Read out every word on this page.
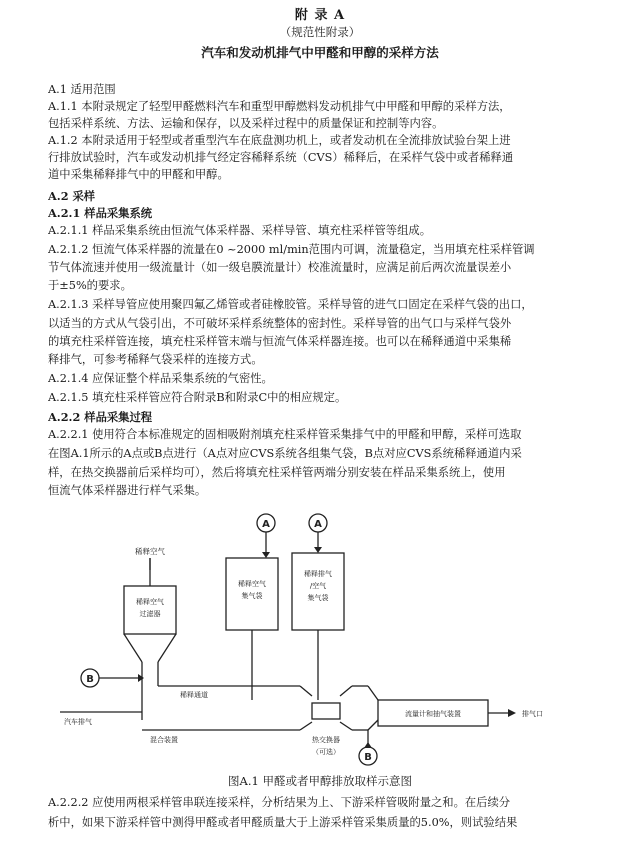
附 录 A
（规范性附录）
汽车和发动机排气中甲醛和甲醇的采样方法
A.1 适用范围
A.1.1 本附录规定了轻型甲醛燃料汽车和重型甲醇燃料发动机排气中甲醛和甲醇的采样方法，
包括采样系统、方法、运输和保存，以及采样过程中的质量保证和控制等内容。
A.1.2 本附录适用于轻型或者重型汽车在底盘测功机上，或者发动机在全流排放试验台架上进
行排放试验时，汽车或发动机排气经定容稀释系统（CVS）稀释后，在采样气袋中或者稀释通
道中采集稀释排气中的甲醛和甲醇。
A.2 采样
A.2.1 样品采集系统
A.2.1.1 样品采集系统由恒流气体采样器、采样导管、填充柱采样管等组成。
A.2.1.2 恒流气体采样器的流量在0 ~2000 ml/min范围内可调，流量稳定，当用填充柱采样管调
节气体流速并使用一级流量计（如一级皂膜流量计）校准流量时，应满足前后两次流量误差小
于±5%的要求。
A.2.1.3 采样导管应使用聚四氟乙烯管或者硅橡胶管。采样导管的进气口固定在采样气袋的出口，
以适当的方式从气袋引出，不可破坏采样系统整体的密封性。采样导管的出气口与采样气袋外
的填充柱采样管连接，填充柱采样管末端与恒流气体采样器连接。也可以在稀释通道中采集稀
释排气，可参考稀释气袋采样的连接方式。
A.2.1.4 应保证整个样品采集系统的气密性。
A.2.1.5 填充柱采样管应符合附录B和附录C中的相应规定。
A.2.2 样品采集过程
A.2.2.1 使用符合本标准规定的固相吸附剂填充柱采样管采集排气中的甲醛和甲醇，采样可选取
在图A.1所示的A点或B点进行（A点对应CVS系统各组集气袋，B点对应CVS系统稀释通道内采
样，在热交换器前后采样均可），然后将填充柱采样管两端分别安装在样品采集系统上，使用
恒流气体采样器进行样气采集。
A.2.2.2 应使用两根采样管串联连接采样，分析结果为上、下游采样管吸附量之和。在后续分
析中，如果下游采样管中测得甲醛或者甲醛质量大于上游采样管采集质量的5.0%，则试验结果
A	A
B
B
稀释空气
稀释空气
过滤器
稀释空气
集气袋
稀释排气
/空气
集气袋
稀释通道
汽车排气
混合装置	热交换器
（可选）
流量计和抽气装置	排气口
图A.1 甲醛或者甲醇排放取样示意图
